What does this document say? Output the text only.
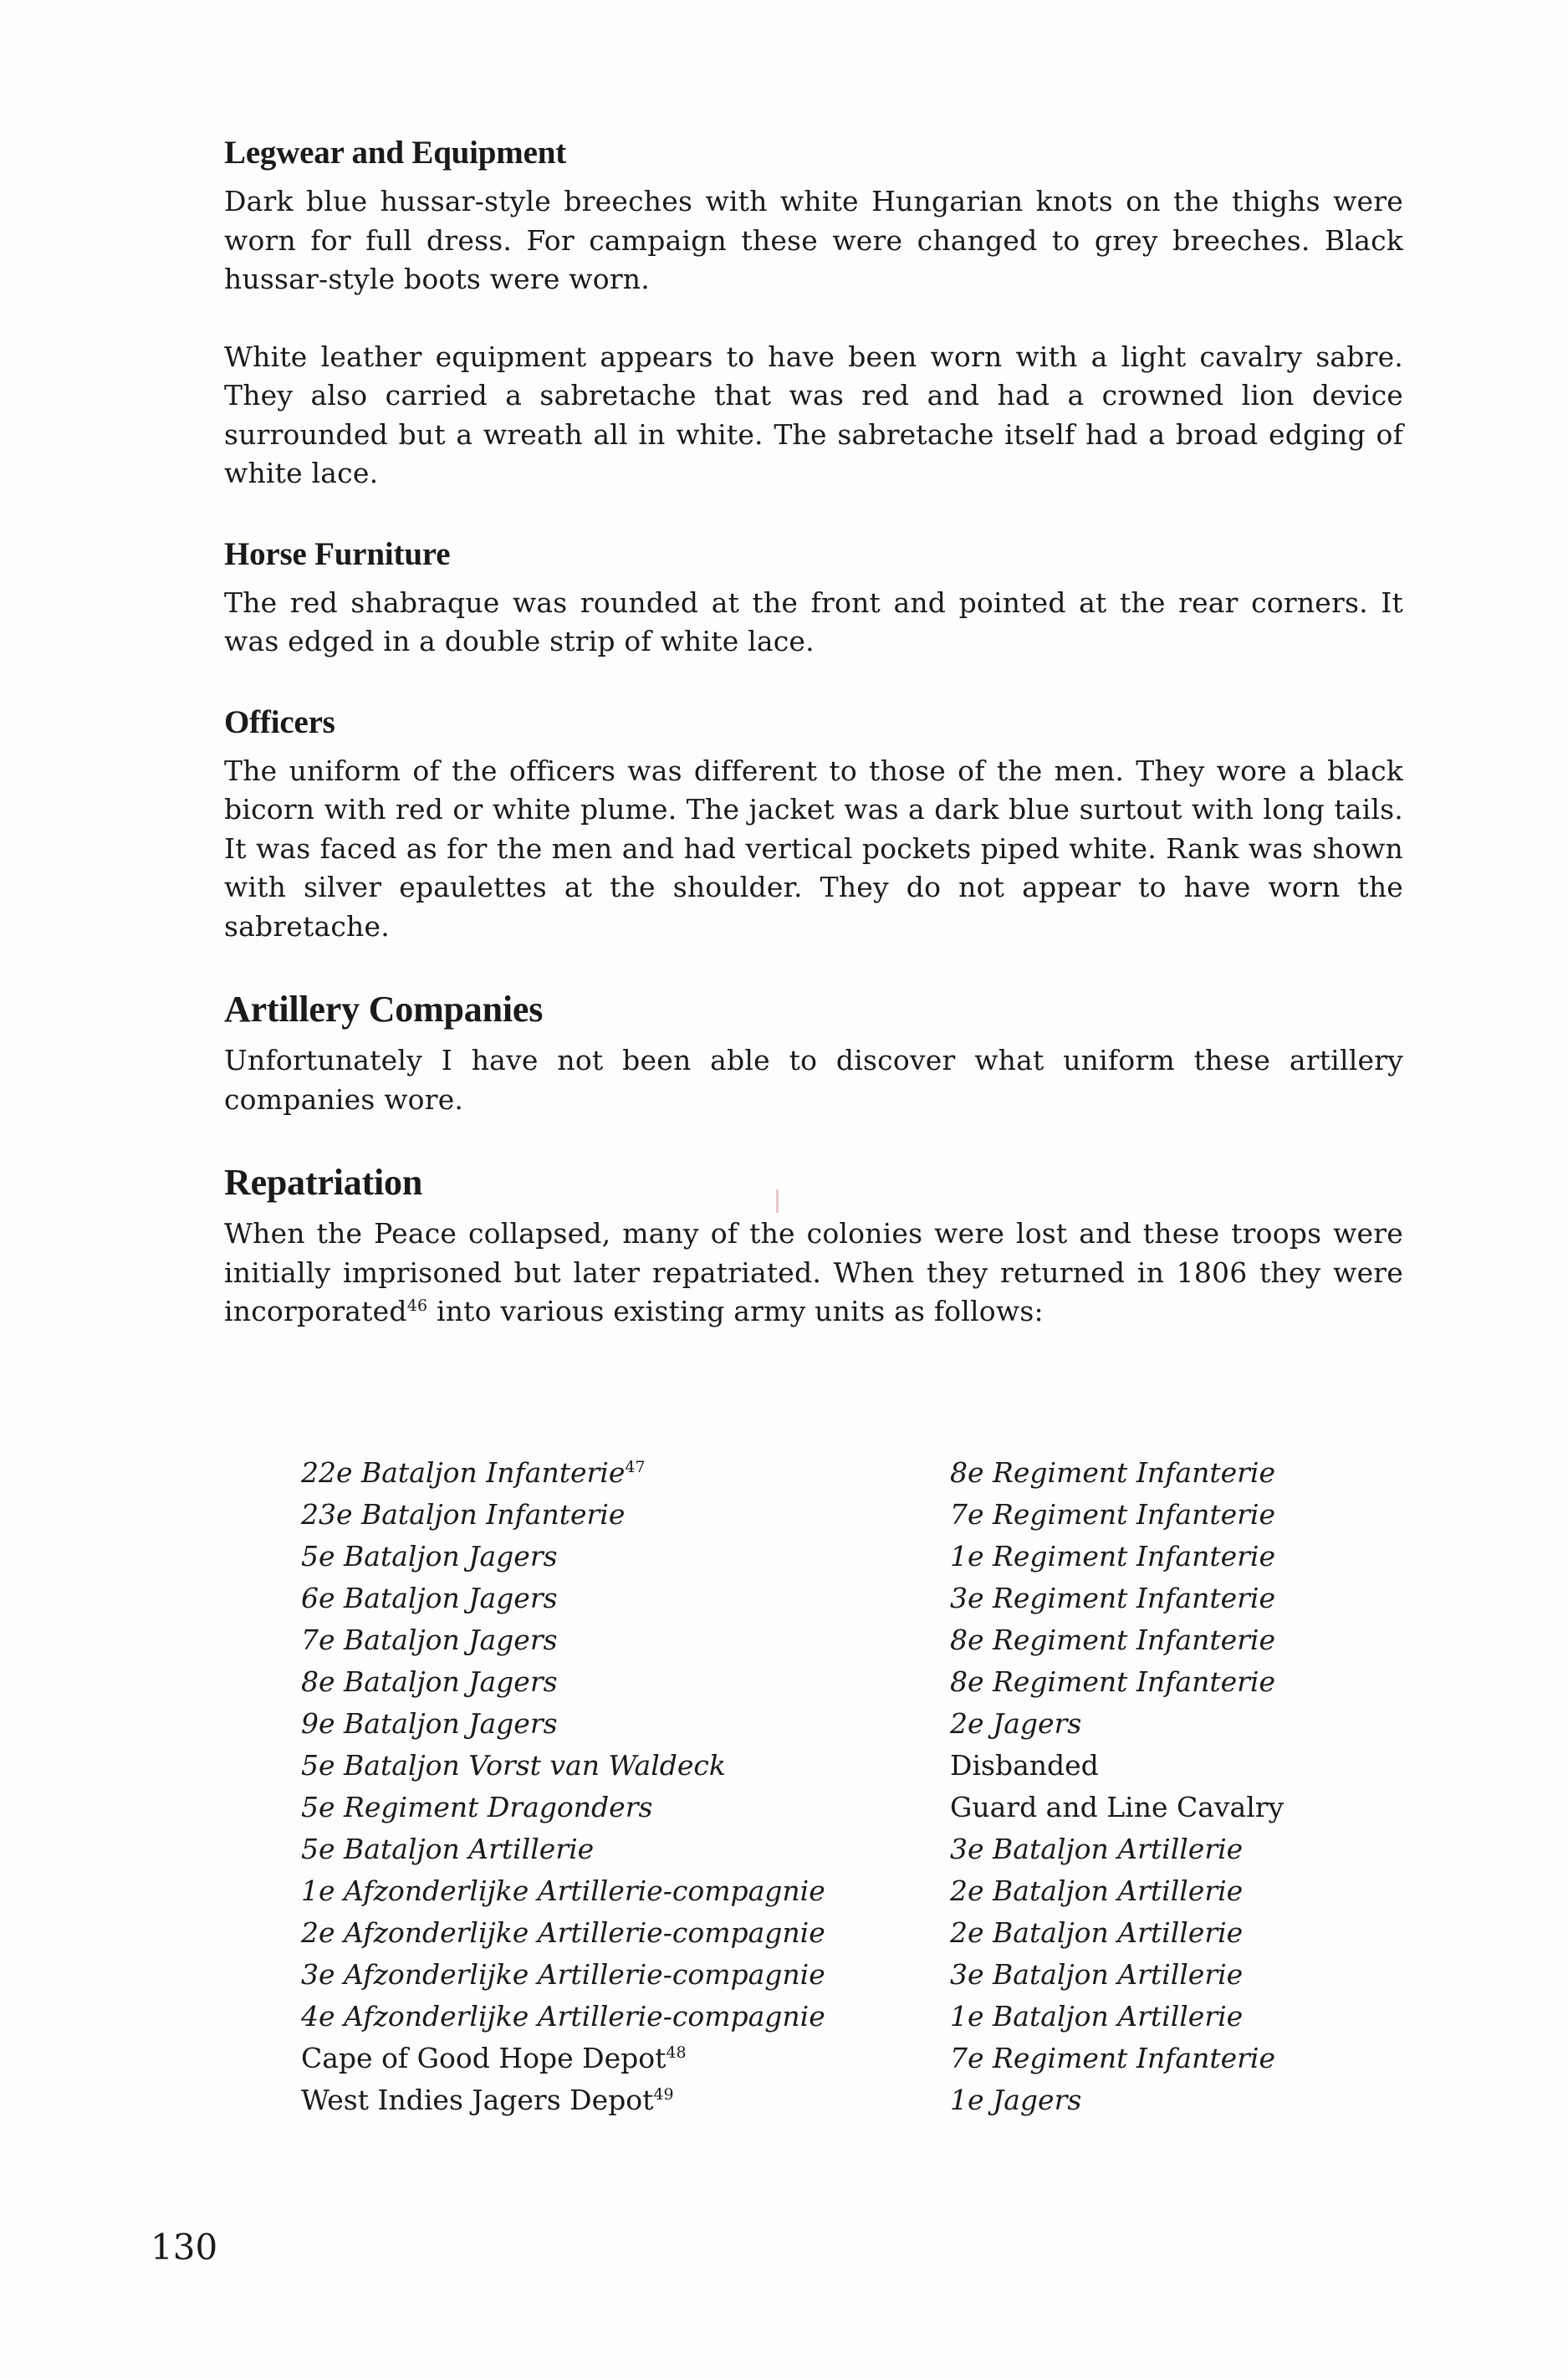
Legwear and Equipment

Dark blue hussar-style breeches with white Hungarian knots on the thighs were worn for full dress. For campaign these were changed to grey breeches. Black hussar-style boots were worn.

White leather equipment appears to have been worn with a light cavalry sabre. They also carried a sabretache that was red and had a crowned lion device surrounded but a wreath all in white. The sabretache itself had a broad edging of white lace.

Horse Furniture

The red shabraque was rounded at the front and pointed at the rear corners. It was edged in a double strip of white lace.

Officers

The uniform of the officers was different to those of the men. They wore a black bicorn with red or white plume. The jacket was a dark blue surtout with long tails. It was faced as for the men and had vertical pockets piped white. Rank was shown with silver epaulettes at the shoulder. They do not appear to have worn the sabretache.

Artillery Companies

Unfortunately I have not been able to discover what uniform these artillery companies wore.

Repatriation

When the Peace collapsed, many of the colonies were lost and these troops were initially imprisoned but later repatriated. When they returned in 1806 they were incorporated$^{46}$ into various existing army units as follows:

22e Bataljon Infanterie$^{47}$	8e Regiment Infanterie
23e Bataljon Infanterie	7e Regiment Infanterie
5e Bataljon Jagers	1e Regiment Infanterie
6e Bataljon Jagers	3e Regiment Infanterie
7e Bataljon Jagers	8e Regiment Infanterie
8e Bataljon Jagers	8e Regiment Infanterie
9e Bataljon Jagers	2e Jagers
5e Bataljon Vorst van Waldeck	Disbanded
5e Regiment Dragonders	Guard and Line Cavalry
5e Bataljon Artillerie	3e Bataljon Artillerie
1e Afzonderlijke Artillerie-compagnie	2e Bataljon Artillerie
2e Afzonderlijke Artillerie-compagnie	2e Bataljon Artillerie
3e Afzonderlijke Artillerie-compagnie	3e Bataljon Artillerie
4e Afzonderlijke Artillerie-compagnie	1e Bataljon Artillerie
Cape of Good Hope Depot$^{48}$	7e Regiment Infanterie
West Indies Jagers Depot$^{49}$	1e Jagers
130
